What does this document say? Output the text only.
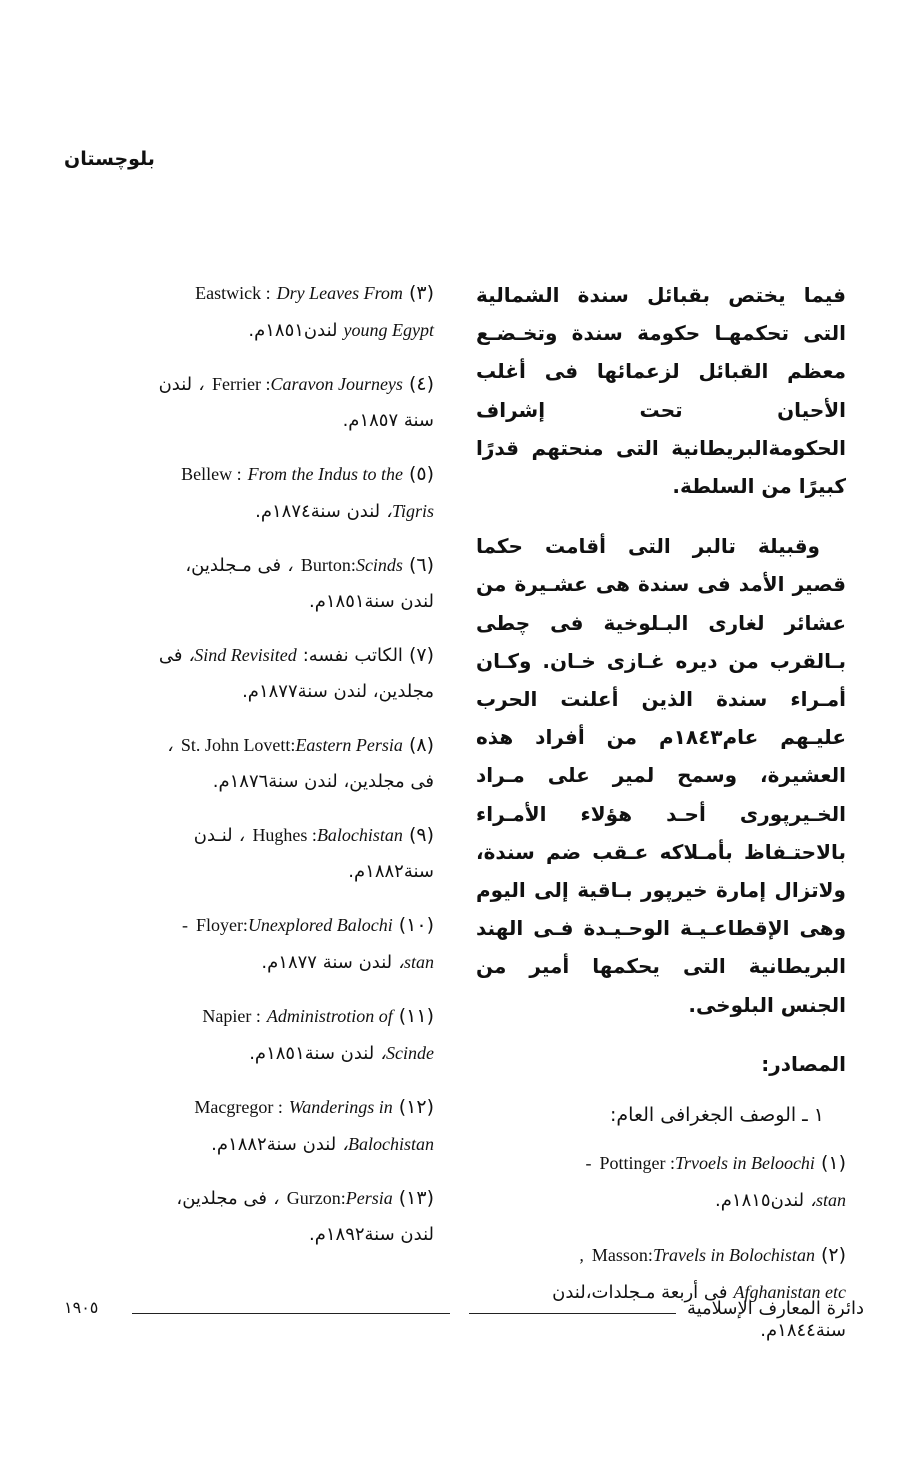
بلوچستان

فيما يختص بقبائل سندة الشمالية التى تحكمهـا حكومة سندة وتخـضـع معظم القبائل لزعمائها فى أغلب الأحيان تحت إشراف الحكومةالبريطانية التى منحتهم قدرًا كبيرًا من السلطة.

وقبيلة تالبر التى أقامت حكما قصير الأمد فى سندة هى عشـيرة من عشائر لغارى البـلوخية فى چطى بـالقرب من ديره غـازى خـان. وكـان أمـراء سندة الذين أعلنت الحرب عليـهم عام١٨٤٣م من أفراد هذه العشيرة، وسمح لمير على مـراد الخـيرپورى أحـد هؤلاء الأمـراء بالاحتـفاظ بأمـلاكه عـقب ضم سندة، ولاتزال إمارة خيرپور بـاقية إلى اليوم وهى الإقطاعـيـة الوحـيـدة فـى الهند البريطانية التى يحكمها أمير من الجنس البلوخى.

المصادر:
١ ـ الوصف الجغرافى العام:
(١)Pottinger :Trvoels in Beloochi-
stan،لندن١٨١٥م.
(٢)Masson:Travels in Bolochistan,
Afghanistan etcفى أربعة مـجلدات،لندن
سنة١٨٤٤م.
(٣)Eastwick : Dry Leaves From
young Egyptلندن١٨٥١م.
(٤)Ferrier :Caravon Journeys،لندن
سنة ١٨٥٧م.
(٥)Bellew : From the Indus to the
Tigris،لندن سنة١٨٧٤م.
(٦)Burton:Scinds،فى مـجلدين،
لندن سنة١٨٥١م.
(٧)الكاتب نفسه:Sind Revisited،فى
مجلدين، لندن سنة١٨٧٧م.
(٨)St. John Lovett:Eastern Persia،
فى مجلدين، لندن سنة١٨٧٦م.
(٩)Hughes :Balochistan،لنـدن
سنة١٨٨٢م.
(١٠)Floyer:Unexplored Balochi-
stan،لندن سنة ١٨٧٧م.
(١١)Napier : Administrotion of
Scinde،لندن سنة١٨٥١م.
(١٢)Macgregor : Wanderings in
Balochistan،لندن سنة١٨٨٢م.
(١٣)Gurzon:Persia،فى مجلدين،
لندن سنة١٨٩٢م.
دائرة المعارف الإسلامية
١٩٠٥
